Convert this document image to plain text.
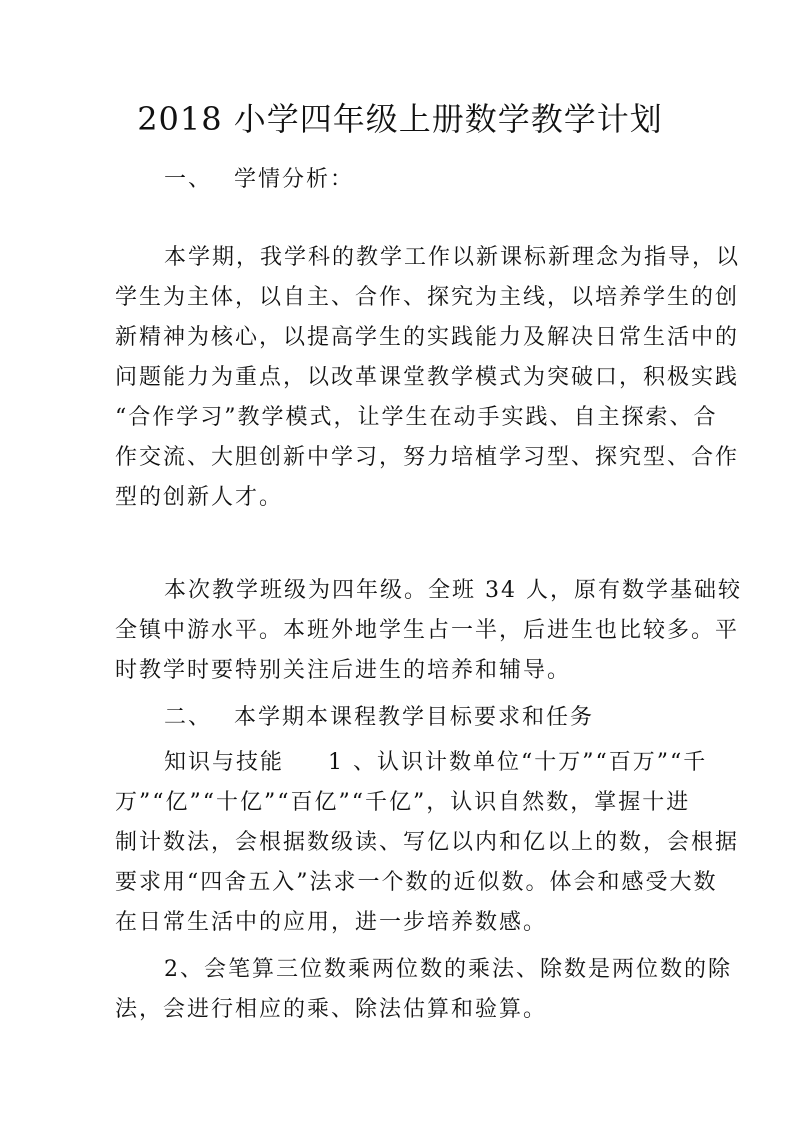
2018 小学四年级上册数学教学计划
一、 学情分析：
本学期，我学科的教学工作以新课标新理念为指导，以
学生为主体，以自主、合作、探究为主线，以培养学生的创
新精神为核心，以提高学生的实践能力及解决日常生活中的
问题能力为重点，以改革课堂教学模式为突破口，积极实践
“合作学习”教学模式，让学生在动手实践、自主探索、合
作交流、大胆创新中学习，努力培植学习型、探究型、合作
型的创新人才。
本次教学班级为四年级。全班 34 人，原有数学基础较
全镇中游水平。本班外地学生占一半，后进生也比较多。平
时教学时要特别关注后进生的培养和辅导。
二、 本学期本课程教学目标要求和任务
知识与技能 1 、认识计数单位“十万”“百万”“千
万”“亿”“十亿”“百亿”“千亿”，认识自然数，掌握十进
制计数法，会根据数级读、写亿以内和亿以上的数，会根据
要求用“四舍五入”法求一个数的近似数。体会和感受大数
在日常生活中的应用，进一步培养数感。
2、会笔算三位数乘两位数的乘法、除数是两位数的除
法，会进行相应的乘、除法估算和验算。
